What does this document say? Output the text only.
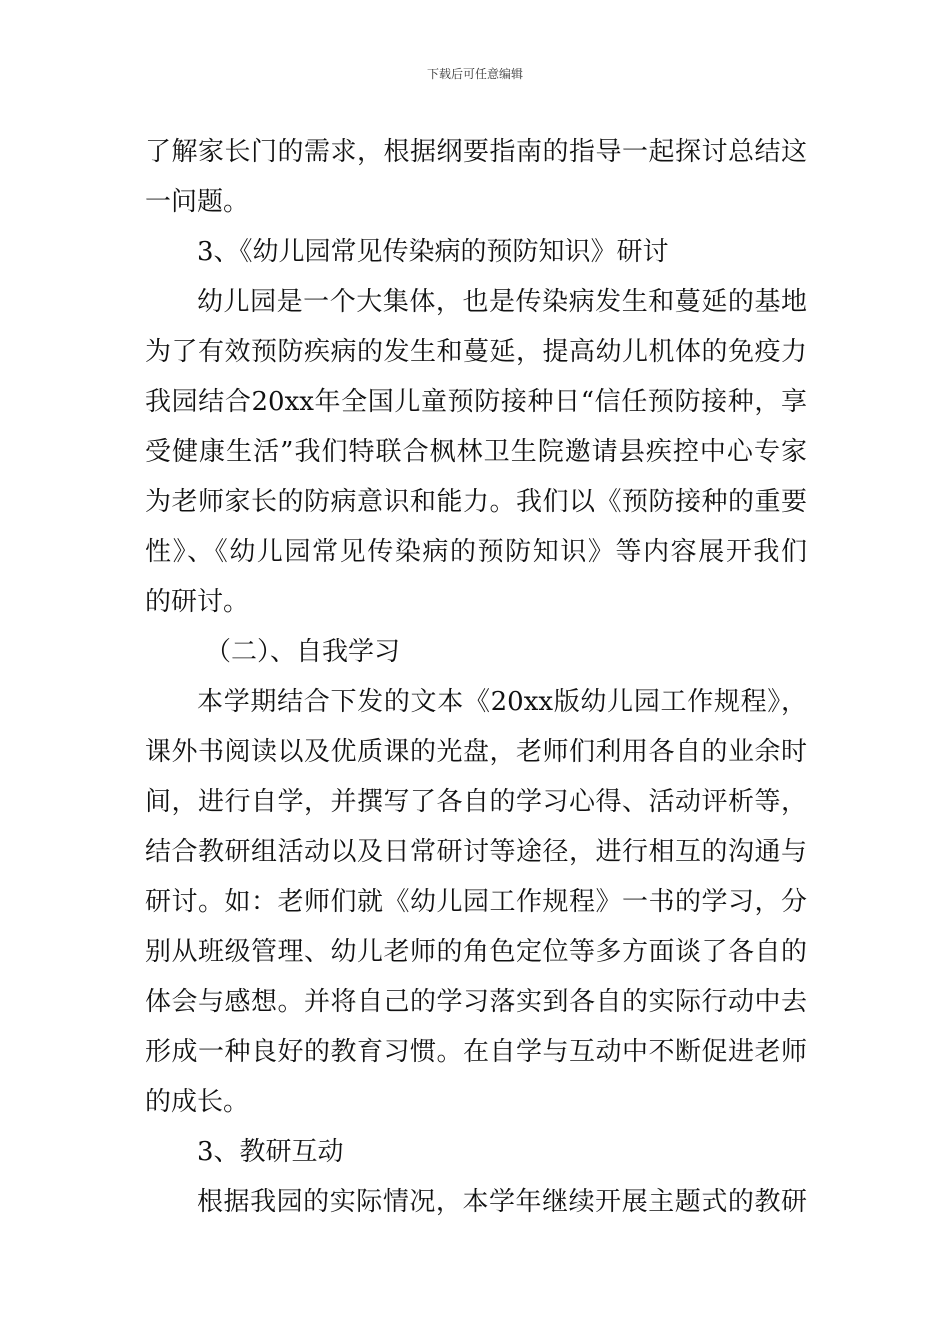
下载后可任意编辑
了解家长门的需求，根据纲要指南的指导一起探讨总结这
一问题。
3、《幼儿园常见传染病的预防知识》研讨
幼儿园是一个大集体，也是传染病发生和蔓延的基地
为了有效预防疾病的发生和蔓延，提高幼儿机体的免疫力
我园结合20xx年全国儿童预防接种日“信任预防接种，享
受健康生活”我们特联合枫林卫生院邀请县疾控中心专家
为老师家长的防病意识和能力。我们以《预防接种的重要
性》、《幼儿园常见传染病的预防知识》等内容展开我们
的研讨。
（二）、自我学习
本学期结合下发的文本《20xx版幼儿园工作规程》，
课外书阅读以及优质课的光盘，老师们利用各自的业余时
间，进行自学，并撰写了各自的学习心得、活动评析等，
结合教研组活动以及日常研讨等途径，进行相互的沟通与
研讨。如：老师们就《幼儿园工作规程》一书的学习，分
别从班级管理、幼儿老师的角色定位等多方面谈了各自的
体会与感想。并将自己的学习落实到各自的实际行动中去
形成一种良好的教育习惯。在自学与互动中不断促进老师
的成长。
3、教研互动
根据我园的实际情况，本学年继续开展主题式的教研
